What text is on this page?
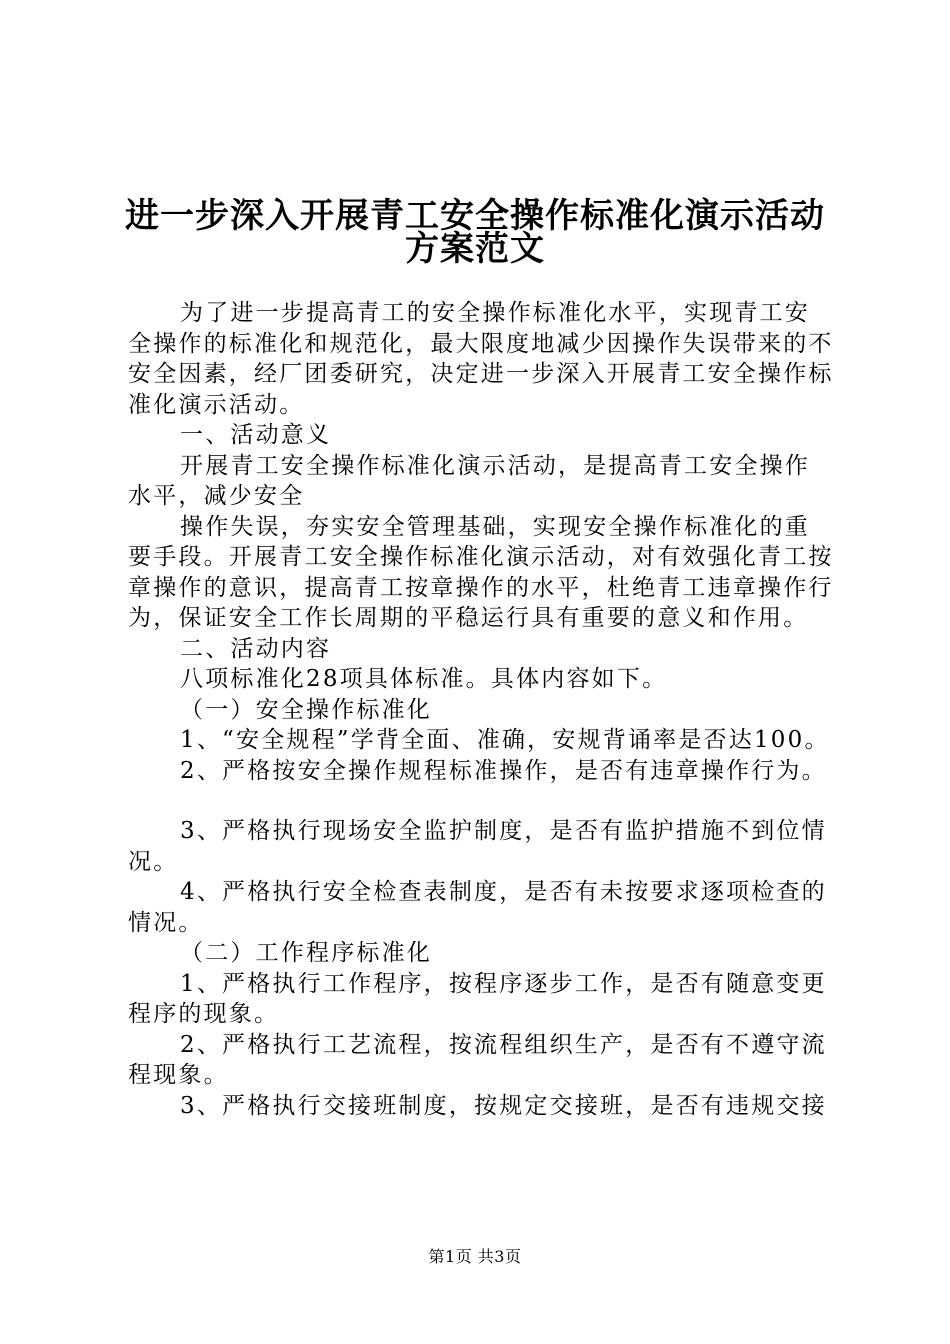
进一步深入开展青工安全操作标准化演示活动
方案范文

为了进一步提高青工的安全操作标准化水平，实现青工安全操作的标准化和规范化，最大限度地减少因操作失误带来的不安全因素，经厂团委研究，决定进一步深入开展青工安全操作标准化演示活动。

一、活动意义

开展青工安全操作标准化演示活动，是提高青工安全操作水平，减少安全

操作失误，夯实安全管理基础，实现安全操作标准化的重要手段。开展青工安全操作标准化演示活动，对有效强化青工按章操作的意识，提高青工按章操作的水平，杜绝青工违章操作行为，保证安全工作长周期的平稳运行具有重要的意义和作用。

二、活动内容

八项标准化28项具体标准。具体内容如下。

（一）安全操作标准化

1、“安全规程”学背全面、准确，安规背诵率是否达100。

2、严格按安全操作规程标准操作，是否有违章操作行为。

3、严格执行现场安全监护制度，是否有监护措施不到位情况。

4、严格执行安全检查表制度，是否有未按要求逐项检查的情况。

（二）工作程序标准化

1、严格执行工作程序，按程序逐步工作，是否有随意变更程序的现象。

2、严格执行工艺流程，按流程组织生产，是否有不遵守流程现象。

3、严格执行交接班制度，按规定交接班，是否有违规交接

第1页 共3页
